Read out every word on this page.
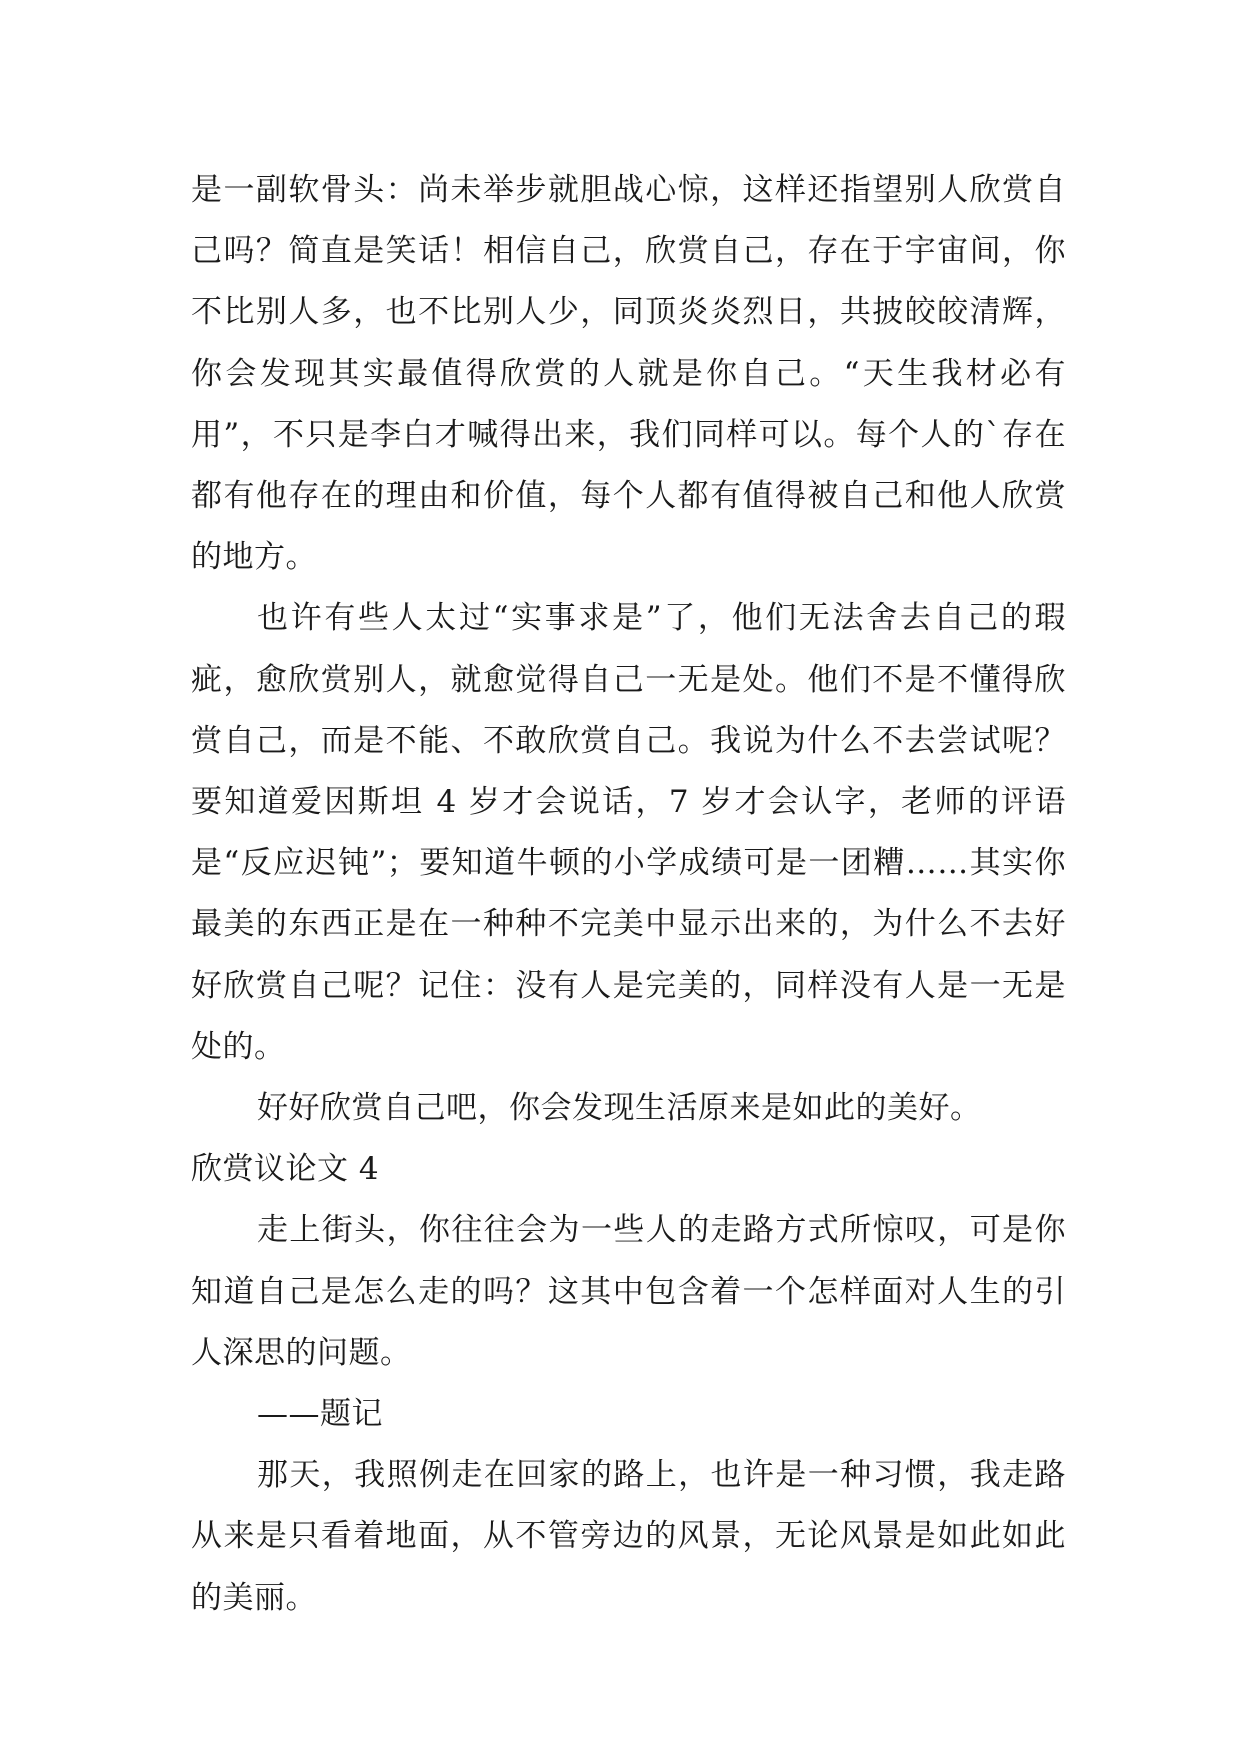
是一副软骨头：尚未举步就胆战心惊，这样还指望别人欣赏自己吗？简直是笑话！相信自己，欣赏自己，存在于宇宙间，你不比别人多，也不比别人少，同顶炎炎烈日，共披皎皎清辉，你会发现其实最值得欣赏的人就是你自己。“天生我材必有用”，不只是李白才喊得出来，我们同样可以。每个人的`存在都有他存在的理由和价值，每个人都有值得被自己和他人欣赏的地方。

也许有些人太过“实事求是”了，他们无法舍去自己的瑕疵，愈欣赏别人，就愈觉得自己一无是处。他们不是不懂得欣赏自己，而是不能、不敢欣赏自己。我说为什么不去尝试呢？要知道爱因斯坦 4 岁才会说话，7 岁才会认字，老师的评语是“反应迟钝”；要知道牛顿的小学成绩可是一团糟……其实你最美的东西正是在一种种不完美中显示出来的，为什么不去好好欣赏自己呢？记住：没有人是完美的，同样没有人是一无是处的。

好好欣赏自己吧，你会发现生活原来是如此的美好。

欣赏议论文 4

走上街头，你往往会为一些人的走路方式所惊叹，可是你知道自己是怎么走的吗？这其中包含着一个怎样面对人生的引人深思的问题。

——题记

那天，我照例走在回家的路上，也许是一种习惯，我走路从来是只看着地面，从不管旁边的风景，无论风景是如此如此的美丽。
